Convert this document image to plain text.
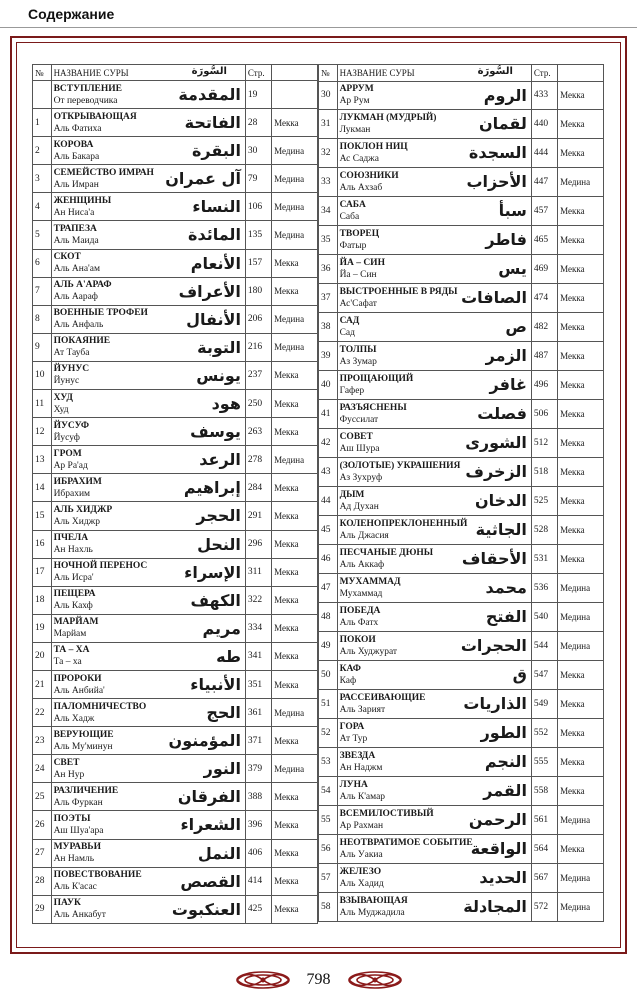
Содержание
№	НАЗВАНИЕ СУРЫ السُّورَة	Стр.	

	ВСТУПЛЕНИЕ
От переводчика المقدمة	19	
1	ОТКРЫВАЮЩАЯ
Аль Фатиха الفاتحة	28	Мекка
2	КОРОВА
Аль Бакара البقرة	30	Медина
3	СЕМЕЙСТВО ИМРАН
Аль Имран آل عمران	79	Медина
4	ЖЕНЩИНЫ
Ан Ниса'а النساء	106	Медина
5	ТРАПЕЗА
Аль Маида المائدة	135	Медина
6	СКОТ
Аль Ана'ам الأنعام	157	Мекка
7	АЛЬ А'АРАФ
Аль Аараф الأعراف	180	Мекка
8	ВОЕННЫЕ ТРОФЕИ
Аль Анфаль الأنفال	206	Медина
9	ПОКАЯНИЕ
Ат Тауба التوبة	216	Медина
10	ЙУНУС
Йунус يونس	237	Мекка
11	ХУД
Худ هود	250	Мекка
12	ЙУСУФ
Йусуф يوسف	263	Мекка
13	ГРОМ
Ар Ра'ад الرعد	278	Медина
14	ИБРАХИМ
Ибрахим إبراهيم	284	Мекка
15	АЛЬ ХИДЖР
Аль Хиджр الحجر	291	Мекка
16	ПЧЕЛА
Ан Нахль النحل	296	Мекка
17	НОЧНОЙ ПЕРЕНОС
Аль Исра' الإسراء	311	Мекка
18	ПЕЩЕРА
Аль Кахф الكهف	322	Мекка
19	МАРЙАМ
Марйам مريم	334	Мекка
20	ТА – ХА
Та – ха طه	341	Мекка
21	ПРОРОКИ
Аль Анбийа' الأنبياء	351	Мекка
22	ПАЛОМНИЧЕСТВО
Аль Хадж الحج	361	Медина
23	ВЕРУЮЩИЕ
Аль Му'минун المؤمنون	371	Мекка
24	СВЕТ
Ан Нур النور	379	Медина
25	РАЗЛИЧЕНИЕ
Аль Фуркан الفرقان	388	Мекка
26	ПОЭТЫ
Аш Шуа'ара الشعراء	396	Мекка
27	МУРАВЬИ
Ан Намль النمل	406	Мекка
28	ПОВЕСТВОВАНИЕ
Аль К'асас القصص	414	Мекка
29	ПАУК
Аль Анкабут العنكبوت	425	Мекка
№	НАЗВАНИЕ СУРЫ السُّورَة	Стр.	
30	АРРУМ
Ар Рум الروم	433	Мекка
31	ЛУКМАН (МУДРЫЙ)
Лукман لقمان	440	Мекка
32	ПОКЛОН НИЦ
Ас Саджа السجدة	444	Мекка
33	СОЮЗНИКИ
Аль Ахзаб الأحزاب	447	Медина
34	САБА
Саба سبأ	457	Мекка
35	ТВОРЕЦ
Фатыр فاطر	465	Мекка
36	ЙА – СИН
Йа – Син يس	469	Мекка
37	ВЫСТРОЕННЫЕ В РЯДЫ
Ас'Сафат الصافات	474	Мекка
38	САД
Сад ص	482	Мекка
39	ТОЛПЫ
Аз Зумар الزمر	487	Мекка
40	ПРОЩАЮЩИЙ
Гафер غافر	496	Мекка
41	РАЗЪЯСНЕНЫ
Фуссилат فصلت	506	Мекка
42	СОВЕТ
Аш Шура الشورى	512	Мекка
43	(ЗОЛОТЫЕ) УКРАШЕНИЯ
Аз Зухруф الزخرف	518	Мекка
44	ДЫМ
Ад Духан الدخان	525	Мекка
45	КОЛЕНОПРЕКЛОНЕННЫЙ
Аль Джасия الجاثية	528	Мекка
46	ПЕСЧАНЫЕ ДЮНЫ
Аль Аккаф الأحقاف	531	Мекка
47	МУХАММАД
Мухаммад محمد	536	Медина
48	ПОБЕДА
Аль Фатх الفتح	540	Медина
49	ПОКОИ
Аль Худжурат الحجرات	544	Медина
50	КАФ
Каф ق	547	Мекка
51	РАССЕИВАЮЩИЕ
Аль Зарият الذاريات	549	Мекка
52	ГОРА
Ат Тур الطور	552	Мекка
53	ЗВЕЗДА
Ан Наджм النجم	555	Мекка
54	ЛУНА
Аль К'амар القمر	558	Мекка
55	ВСЕМИЛОСТИВЫЙ
Ар Рахман الرحمن	561	Медина
56	НЕОТВРАТИМОЕ СОБЫТИЕ
Аль Уакиа الواقعة	564	Мекка
57	ЖЕЛЕЗО
Аль Хадид الحديد	567	Медина
58	ВЗЫВАЮЩАЯ
Аль Муджадила المجادلة	572	Медина
798
